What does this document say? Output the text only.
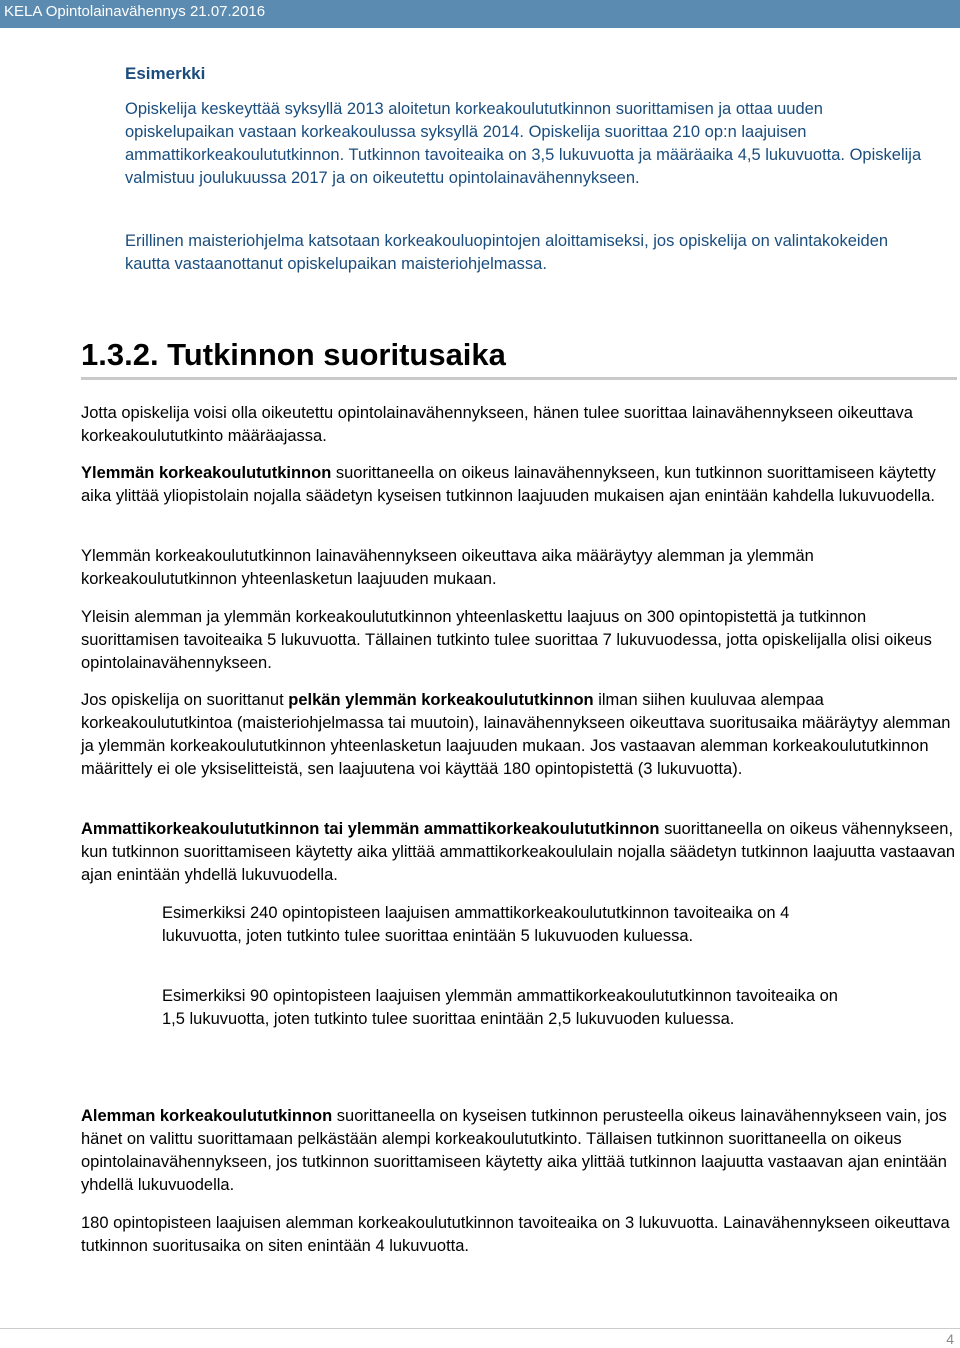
KELA Opintolainavähennys 21.07.2016
Esimerkki

Opiskelija keskeyttää syksyllä 2013 aloitetun korkeakoulututkinnon suorittamisen ja ottaa uuden opiskelupaikan vastaan korkeakoulussa syksyllä 2014. Opiskelija suorittaa 210 op:n laajuisen ammattikorkeakoulututkinnon. Tutkinnon tavoiteaika on 3,5 lukuvuotta ja määräaika 4,5 lukuvuotta. Opiskelija valmistuu joulukuussa 2017 ja on oikeutettu opintolainavähennykseen.

Erillinen maisteriohjelma katsotaan korkeakouluopintojen aloittamiseksi, jos opiskelija on valintakokeiden kautta vastaanottanut opiskelupaikan maisteriohjelmassa.

1.3.2. Tutkinnon suoritusaika

Jotta opiskelija voisi olla oikeutettu opintolainavähennykseen, hänen tulee suorittaa lainavähennykseen oikeuttava korkeakoulututkinto määräajassa.

Ylemmän korkeakoulututkinnon suorittaneella on oikeus lainavähennykseen, kun tutkinnon suorittamiseen käytetty aika ylittää yliopistolain nojalla säädetyn kyseisen tutkinnon laajuuden mukaisen ajan enintään kahdella lukuvuodella.

Ylemmän korkeakoulututkinnon lainavähennykseen oikeuttava aika määräytyy alemman ja ylemmän korkeakoulututkinnon yhteenlasketun laajuuden mukaan.

Yleisin alemman ja ylemmän korkeakoulututkinnon yhteenlaskettu laajuus on 300 opintopistettä ja tutkinnon suorittamisen tavoiteaika 5 lukuvuotta. Tällainen tutkinto tulee suorittaa 7 lukuvuodessa, jotta opiskelijalla olisi oikeus opintolainavähennykseen.

Jos opiskelija on suorittanut pelkän ylemmän korkeakoulututkinnon ilman siihen kuuluvaa alempaa korkeakoulututkintoa (maisteriohjelmassa tai muutoin), lainavähennykseen oikeuttava suoritusaika määräytyy alemman ja ylemmän korkeakoulututkinnon yhteenlasketun laajuuden mukaan. Jos vastaavan alemman korkeakoulututkinnon määrittely ei ole yksiselitteistä, sen laajuutena voi käyttää 180 opintopistettä (3 lukuvuotta).

Ammattikorkeakoulututkinnon tai ylemmän ammattikorkeakoulututkinnon suorittaneella on oikeus vähennykseen, kun tutkinnon suorittamiseen käytetty aika ylittää ammattikorkeakoululain nojalla säädetyn tutkinnon laajuutta vastaavan ajan enintään yhdellä lukuvuodella.

Esimerkiksi 240 opintopisteen laajuisen ammattikorkeakoulututkinnon tavoiteaika on 4 lukuvuotta, joten tutkinto tulee suorittaa enintään 5 lukuvuoden kuluessa.

Esimerkiksi 90 opintopisteen laajuisen ylemmän ammattikorkeakoulututkinnon tavoiteaika on 1,5 lukuvuotta, joten tutkinto tulee suorittaa enintään 2,5 lukuvuoden kuluessa.

Alemman korkeakoulututkinnon suorittaneella on kyseisen tutkinnon perusteella oikeus lainavähennykseen vain, jos hänet on valittu suorittamaan pelkästään alempi korkeakoulututkinto. Tällaisen tutkinnon suorittaneella on oikeus opintolainavähennykseen, jos tutkinnon suorittamiseen käytetty aika ylittää tutkinnon laajuutta vastaavan ajan enintään yhdellä lukuvuodella.

180 opintopisteen laajuisen alemman korkeakoulututkinnon tavoiteaika on 3 lukuvuotta. Lainavähennykseen oikeuttava tutkinnon suoritusaika on siten enintään 4 lukuvuotta.

4
